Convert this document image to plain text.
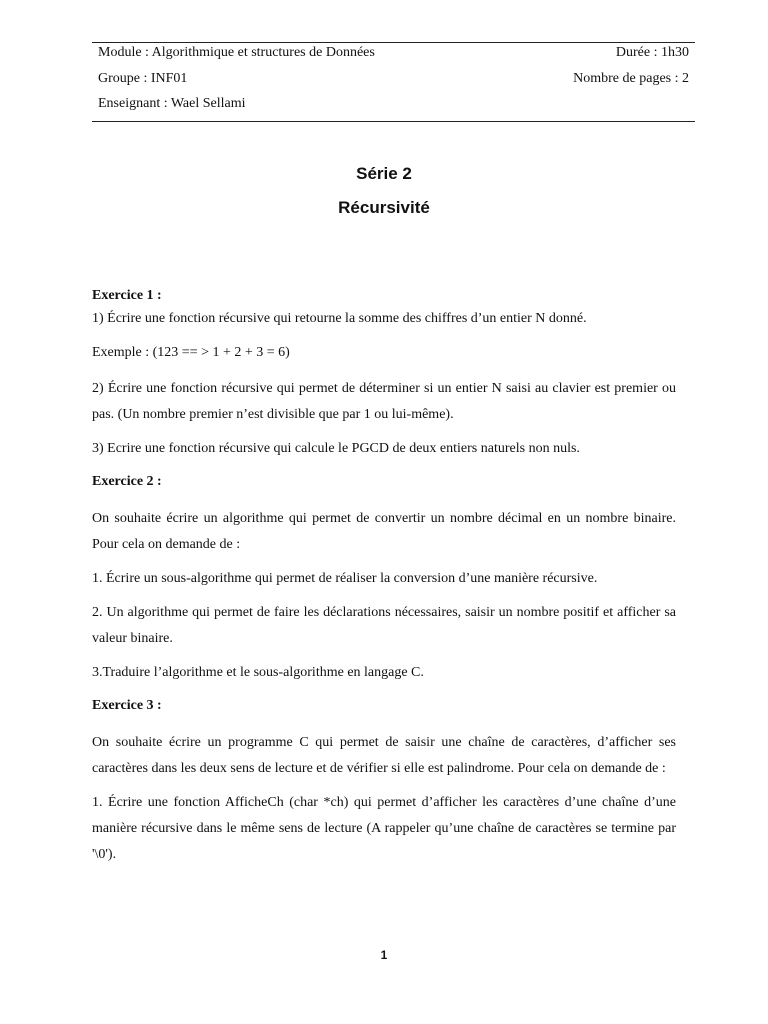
Module : Algorithmique et structures de Données	Durée : 1h30
Groupe : INF01	Nombre de pages : 2
Enseignant : Wael Sellami
Série 2
Récursivité

Exercice 1 :

1) Écrire une fonction récursive qui retourne la somme des chiffres d’un entier N donné.

Exemple : (123 == > 1 + 2 + 3 = 6)

2) Écrire une fonction récursive qui permet de déterminer si un entier N saisi au clavier est premier ou pas. (Un nombre premier n’est divisible que par 1 ou lui-même).

3) Ecrire une fonction récursive qui calcule le PGCD de deux entiers naturels non nuls.

Exercice 2 :

On souhaite écrire un algorithme qui permet de convertir un nombre décimal en un nombre binaire. Pour cela on demande de :

1. Écrire un sous-algorithme qui permet de réaliser la conversion d’une manière récursive.

2. Un algorithme qui permet de faire les déclarations nécessaires, saisir un nombre positif et afficher sa valeur binaire.

3.Traduire l’algorithme et le sous-algorithme en langage C.

Exercice 3 :

On souhaite écrire un programme C qui permet de saisir une chaîne de caractères, d’afficher ses caractères dans les deux sens de lecture et de vérifier si elle est palindrome. Pour cela on demande de :

1. Écrire une fonction AfficheCh (char *ch) qui permet d’afficher les caractères d’une chaîne d’une manière récursive dans le même sens de lecture (A rappeler qu’une chaîne de caractères se termine par '\0').

1
